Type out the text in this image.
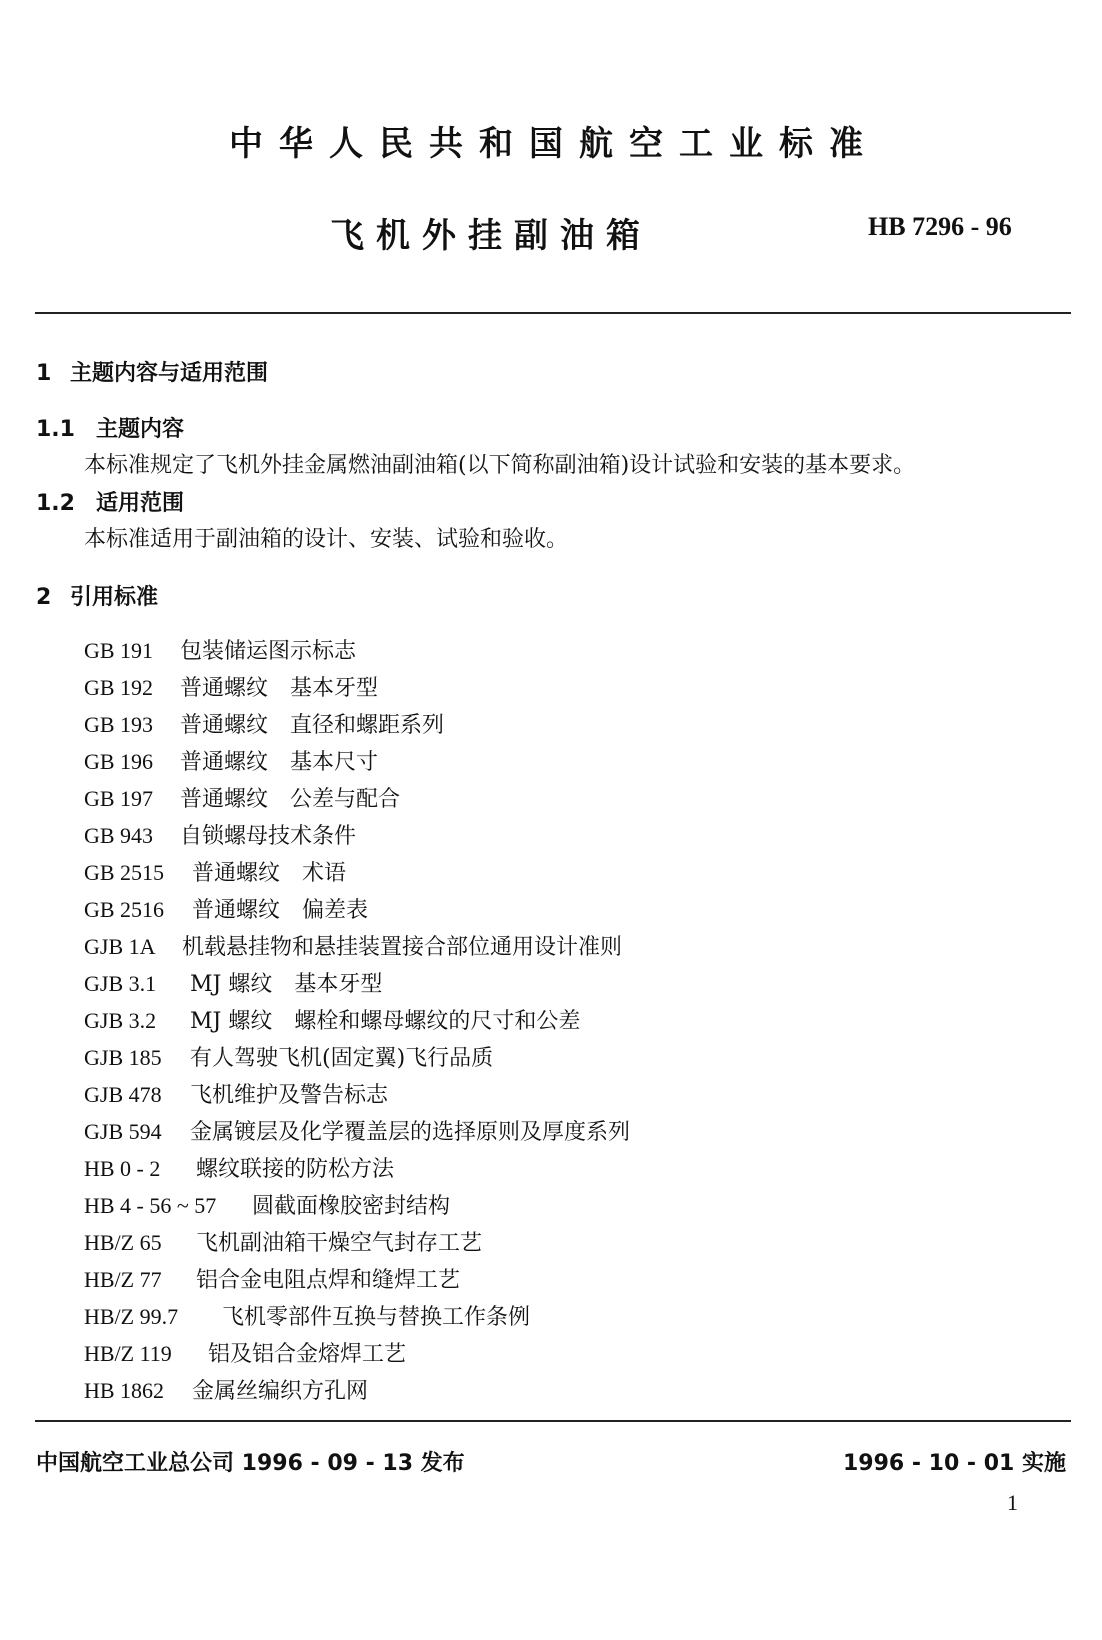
中华人民共和国航空工业标准
飞机外挂副油箱	HB 7296 - 96
1 主题内容与适用范围
1.1 主题内容
本标准规定了飞机外挂金属燃油副油箱(以下简称副油箱)设计试验和安装的基本要求。
1.2 适用范围
本标准适用于副油箱的设计、安装、试验和验收。
2 引用标准
GB 191 包装储运图示标志
GB 192 普通螺纹　基本牙型
GB 193 普通螺纹　直径和螺距系列
GB 196 普通螺纹　基本尺寸
GB 197 普通螺纹　公差与配合
GB 943 自锁螺母技术条件
GB 2515 普通螺纹　术语
GB 2516 普通螺纹　偏差表
GJB 1A 机载悬挂物和悬挂装置接合部位通用设计准则
GJB 3.1 MJ 螺纹　基本牙型
GJB 3.2 MJ 螺纹　螺栓和螺母螺纹的尺寸和公差
GJB 185 有人驾驶飞机(固定翼)飞行品质
GJB 478 飞机维护及警告标志
GJB 594 金属镀层及化学覆盖层的选择原则及厚度系列
HB 0 - 2 螺纹联接的防松方法
HB 4 - 56 ~ 57 圆截面橡胶密封结构
HB/Z 65 飞机副油箱干燥空气封存工艺
HB/Z 77 铝合金电阻点焊和缝焊工艺
HB/Z 99.7 飞机零部件互换与替换工作条例
HB/Z 119 铝及铝合金熔焊工艺
HB 1862 金属丝编织方孔网
中国航空工业总公司 1996 - 09 - 13 发布	1996 - 10 - 01 实施
1
